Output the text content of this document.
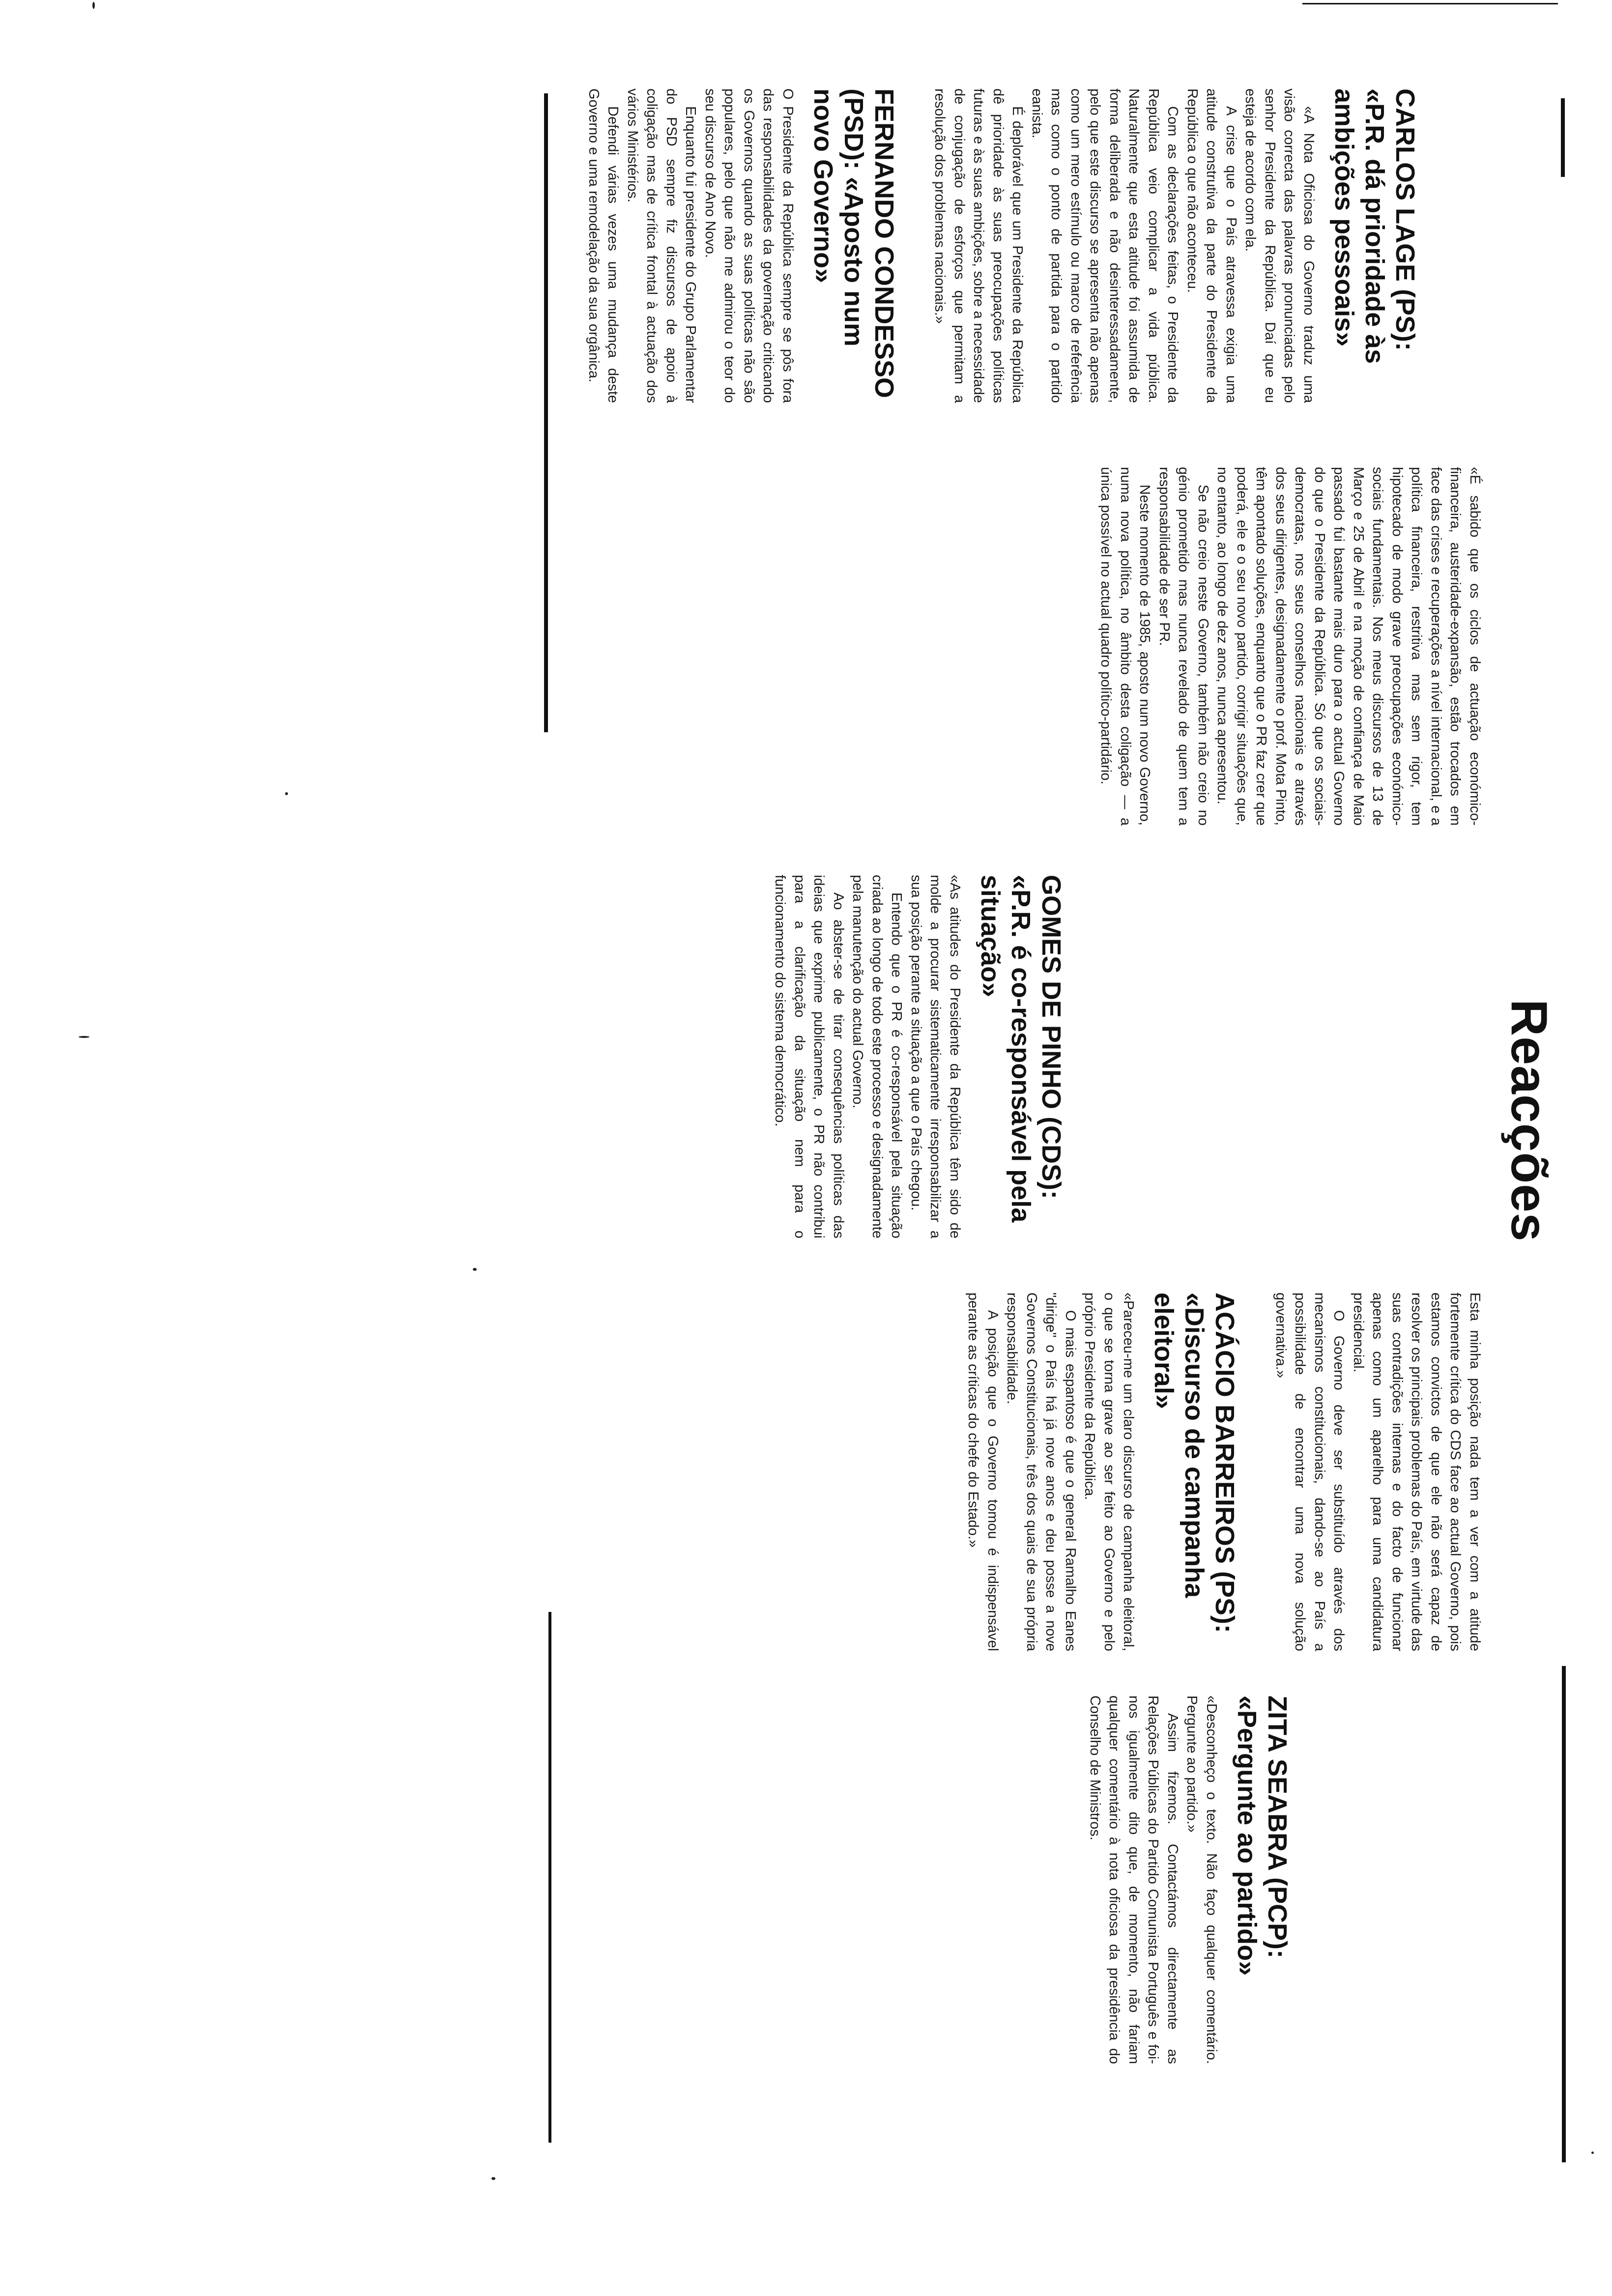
Reacções
CARLOS LAGE (PS): «P.R. dá prioridade às ambições pessoais»

«A Nota Oficiosa do Governo traduz uma visão correcta das palavras pronunciadas pelo senhor Presidente da República. Daí que eu esteja de acordo com ela.

A crise que o País atravessa exigia uma atitude construtiva da parte do Presidente da República o que não aconteceu.

Com as declarações feitas, o Presidente da República veio complicar a vida pública. Naturalmente que esta atitude foi assumida de forma deliberada e não desinteressadamente, pelo que este discurso se apresenta não apenas como um mero estímulo ou marco de referência mas como o ponto de partida para o partido eanista.

É deplorável que um Presidente da República dê prioridade às suas preocupações políticas futuras e às suas ambições, sobre a necessidade de conjugação de esforços que permitam a resolução dos problemas nacionais.»

FERNANDO CONDESSO (PSD): «Aposto num novo Governo»

O Presidente da República sempre se pôs fora das responsabilidades da governação criticando os Governos quando as suas políticas não são populares, pelo que não me admirou o teor do seu discurso de Ano Novo.

Enquanto fui presidente do Grupo Parlamentar do PSD sempre fiz discursos de apoio à coligação mas de crítica frontal à actuação dos vários Ministérios.

Defendi várias vezes uma mudança deste Governo e uma remodelação da sua orgânica.

«É sabido que os ciclos de actuação económico-financeira, austeridade-expansão, estão trocados em face das crises e recuperações a nível internacional, e a política financeira, restritiva mas sem rigor, tem hipotecado de modo grave preocupações económico-sociais fundamentais. Nos meus discursos de 13 de Março e 25 de Abril e na moção de confiança de Maio passado fui bastante mais duro para o actual Governo do que o Presidente da República. Só que os sociais-democratas, nos seus conselhos nacionais e através dos seus dirigentes, designadamente o prof. Mota Pinto, têm apontado soluções, enquanto que o PR faz crer que poderá, ele e o seu novo partido, corrigir situações que, no entanto, ao longo de dez anos, nunca apresentou.

Se não creio neste Governo, também não creio no génio prometido mas nunca revelado de quem tem a responsabilidade de ser PR.

Neste momento de 1985, aposto num novo Governo, numa nova política, no âmbito desta coligação — a única possível no actual quadro político-partidário.

GOMES DE PINHO (CDS): «P.R. é co-responsável pela situação»

«As atitudes do Presidente da República têm sido de molde a procurar sistematicamente irresponsabilizar a sua posição perante a situação a que o País chegou.

Entendo que o PR é co-responsável pela situação criada ao longo de todo este processo e designadamente pela manutenção do actual Governo.

Ao abster-se de tirar consequências políticas das ideias que exprime publicamente, o PR não contribui para a clarificação da situação nem para o funcionamento do sistema democrático.

Esta minha posição nada tem a ver com a atitude fortemente crítica do CDS face ao actual Governo, pois estamos convictos de que ele não será capaz de resolver os principais problemas do País, em virtude das suas contradições internas e do facto de funcionar apenas como um aparelho para uma candidatura presidencial.

O Governo deve ser substituído através dos mecanismos constitucionais, dando-se ao País a possibilidade de encontrar uma nova solução governativa.»

ACÁCIO BARREIROS (PS): «Discurso de campanha eleitoral»

«Pareceu-me um claro discurso de campanha eleitoral, o que se torna grave ao ser feito ao Governo e pelo próprio Presidente da República.

O mais espantoso é que o general Ramalho Eanes "dirige" o País há já nove anos e deu posse a nove Governos Constitucionais, três dos quais de sua própria responsabilidade.

A posição que o Governo tomou é indispensável perante as críticas do chefe do Estado.»

ZITA SEABRA (PCP): «Pergunte ao partido»

«Desconheço o texto. Não faço qualquer comentário. Pergunte ao partido.»

Assim fizemos. Contactámos directamente as Relações Públicas do Partido Comunista Português e foi-nos igualmente dito que, de momento, não fariam qualquer comentário à nota oficiosa da presidência do Conselho de Ministros.
